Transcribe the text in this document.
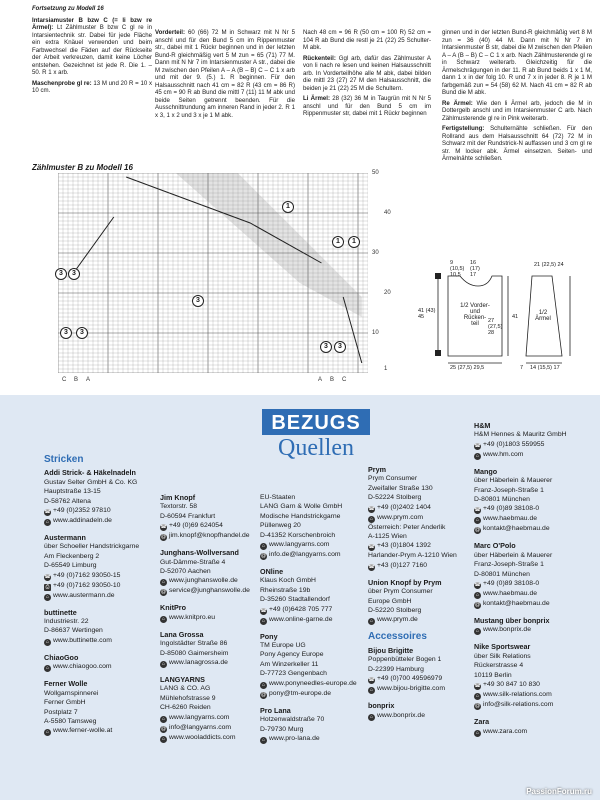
Fortsetzung zu Modell 16

Intarsiamuster B bzw C (= li bzw re Ärmel): Lt Zählmuster B bzw C gl re in Intarsientechnik str. Dabei für jede Fläche ein extra Knäuel verwenden und beim Farbwechsel die Fäden auf der Rückseite der Arbeit verkreuzen, damit keine Löcher entstehen. Gezeichnet ist jede R. Die 1. – 50. R 1 x arb.

Maschenprobe gl re: 13 M und 20 R = 10 x 10 cm.

Vorderteil: 60 (66) 72 M in Schwarz mit N Nr 5 anschl und für den Bund 5 cm im Rippenmuster str., dabei mit 1 Rückr beginnen und in der letzten Bund-R gleichmäßig vert 5 M zun = 65 (71) 77 M. Dann mit N Nr 7 im Intarsienmuster A str., dabei die M zwischen den Pfeilen A – A (B – B) C – C 1 x arb und mit der 9. (5.) 1. R beginnen. Für den Halsausschnitt nach 41 cm = 82 R (43 cm = 86 R) 45 cm = 90 R ab Bund die mittl 7 (11) 11 M abk und beide Seiten getrennt beenden. Für die Ausschnittrundung am inneren Rand in jeder 2. R 1 x 3, 1 x 2 und 3 x je 1 M abk.

Nach 48 cm = 96 R (50 cm = 100 R) 52 cm = 104 R ab Bund die restl je 21 (22) 25 Schulter-M abk.

Rückenteil: Ggl arb, dafür das Zählmuster A von li nach re lesen und keinen Halsausschnitt arb. In Vorderteilhöhe alle M abk, dabei bilden die mittl 23 (27) 27 M den Halsausschnitt, die beiden je 21 (22) 25 M die Schultern.

Li Ärmel: 28 (32) 36 M in Taugrün mit N Nr 5 anschl und für den Bund 5 cm im Rippenmuster str, dabei mit 1 Rückr beginnen

ginnen und in der letzten Bund-R gleichmäßig vert 8 M zun = 36 (40) 44 M. Dann mit N Nr 7 im Intarsienmuster B str, dabei die M zwischen den Pfeilen A – A (B – B) C – C 1 x arb. Nach Zählmusterende gl re in Schwarz weiterarb. Gleichzeitig für die Ärmelschrägungen in der 11. R ab Bund beids 1 x 1 M, dann 1 x in der folg 10. R und 7 x in jeder 8. R je 1 M farbgemäß zun = 54 (58) 62 M. Nach 41 cm = 82 R ab Bund die M abk.

Re Ärmel: Wie den li Ärmel arb, jedoch die M in Dottergelb anschl und im Intarsienmuster C arb. Nach Zählmusterende gl re in Pink weiterarb.

Fertigstellung: Schulternähte schließen. Für den Rollrand aus dem Halsausschnitt 64 (72) 72 M in Schwarz mit der Rundstrick-N auffassen und 3 cm gl re str. M locker abk. Ärmel einsetzen. Seiten- und Ärmelnähte schließen.

Zählmuster B zu Modell 16
50
40
30
20
10
1
C B A	A B C
1
1	1
3	3
3
3	3
3	3
1/2 Vorder- und Rücken- teil
1/2 Ärmel
9 (10,5) 10,5
16 (17) 17
41 (43) 45	41
27 (27,5) 28
25 (27,5) 29,5
21 (22,5) 24
14 (15,5) 17
7
BEZUGS
Quellen
Stricken
Addi Strick- & Häkelnadeln
Gustav Selter GmbH & Co. KG
Hauptstraße 13-15
D-58762 Altena
☎ +49 (0)2352 97810
⌂ www.addinadeln.de
Austermann
über Schoeller Handstrickgarne
Am Fleckenberg 2
D-65549 Limburg
☎ +49 (0)7162 93050-15
⎙ +49 (0)7162 93050-10
⌂ www.austermann.de
buttinette
Industriestr. 22
D-86637 Wertingen
⌂ www.buttinette.com
ChiaoGoo
⌂ www.chiaogoo.com
Ferner Wolle
Wollgarnspinnerei
Ferner GmbH
Postplatz 7
A-5580 Tamsweg
⌂ www.ferner-wolle.at
Jim Knopf
Textorstr. 58
D-60594 Frankfurt
☎ +49 (0)69 624054
@ jim.knopf@knopfhandel.de
Junghans-Wollversand
Gut-Dämme-Straße 4
D-52070 Aachen
⌂ www.junghanswolle.de
@ service@junghanswolle.de
KnitPro
⌂ www.knitpro.eu
Lana Grossa
Ingolstädter Straße 86
D-85080 Gaimersheim
⌂ www.lanagrossa.de
LANGYARNS
LANG & CO. AG
Mühlehofstrasse 9
CH-6260 Reiden
⌂ www.langyarns.com
@ info@langyarns.com
⌂ www.wooladdicts.com
EU-Staaten
LANG Garn & Wolle GmbH
Modische Handstrickgarne
Püllenweg 20
D-41352 Korschenbroich
⌂ www.langyarns.com
@ info.de@langyarns.com
ONline
Klaus Koch GmbH
Rheinstraße 19b
D-35260 Stadtallendorf
☎ +49 (0)6428 705 777
⌂ www.online-garne.de
Pony
TM Europe UG
Pony Agency Europe
Am Winzerkeller 11
D-77723 Gengenbach
⌂ www.ponyneedles-europe.de
@ pony@tm-europe.de
Pro Lana
Hotzenwaldstraße 70
D-79730 Murg
⌂ www.pro-lana.de
Prym
Prym Consumer
Zweifaller Straße 130
D-52224 Stolberg
☎ +49 (0)2402 1404
⌂ www.prym.com
Österreich: Peter Anderlik
A-1125 Wien
☎ +43 (0)1804 1392
Harlander-Prym A-1210 Wien
☎ +43 (0)127 7160
Union Knopf by Prym
über Prym Consumer
Europe GmbH
D-52220 Stolberg
⌂ www.prym.de
Accessoires
Bijou Brigitte
Poppenbütteler Bogen 1
D-22399 Hamburg
☎ +49 (0)700 49596979
⌂ www.bijou-brigitte.com
bonprix
⌂ www.bonprix.de
H&M
H&M Hennes & Mauritz GmbH
☎ +49 (0)1803 559955
⌂ www.hm.com
Mango
über Häberlein & Mauerer
Franz-Joseph-Straße 1
D-80801 München
☎ +49 (0)89 38108-0
⌂ www.haebmau.de
@ kontakt@haebmau.de
Marc O'Polo
über Häberlein & Mauerer
Franz-Joseph-Straße 1
D-80801 München
☎ +49 (0)89 38108-0
⌂ www.haebmau.de
@ kontakt@haebmau.de
Mustang über bonprix
⌂ www.bonprix.de
Nike Sportswear
über Silk Relations
Rückerstrasse 4
10119 Berlin
☎ +49 30 847 10 830
⌂ www.silk-relations.com
@ info@silk-relations.com
Zara
⌂ www.zara.com
PassionForum.ru
